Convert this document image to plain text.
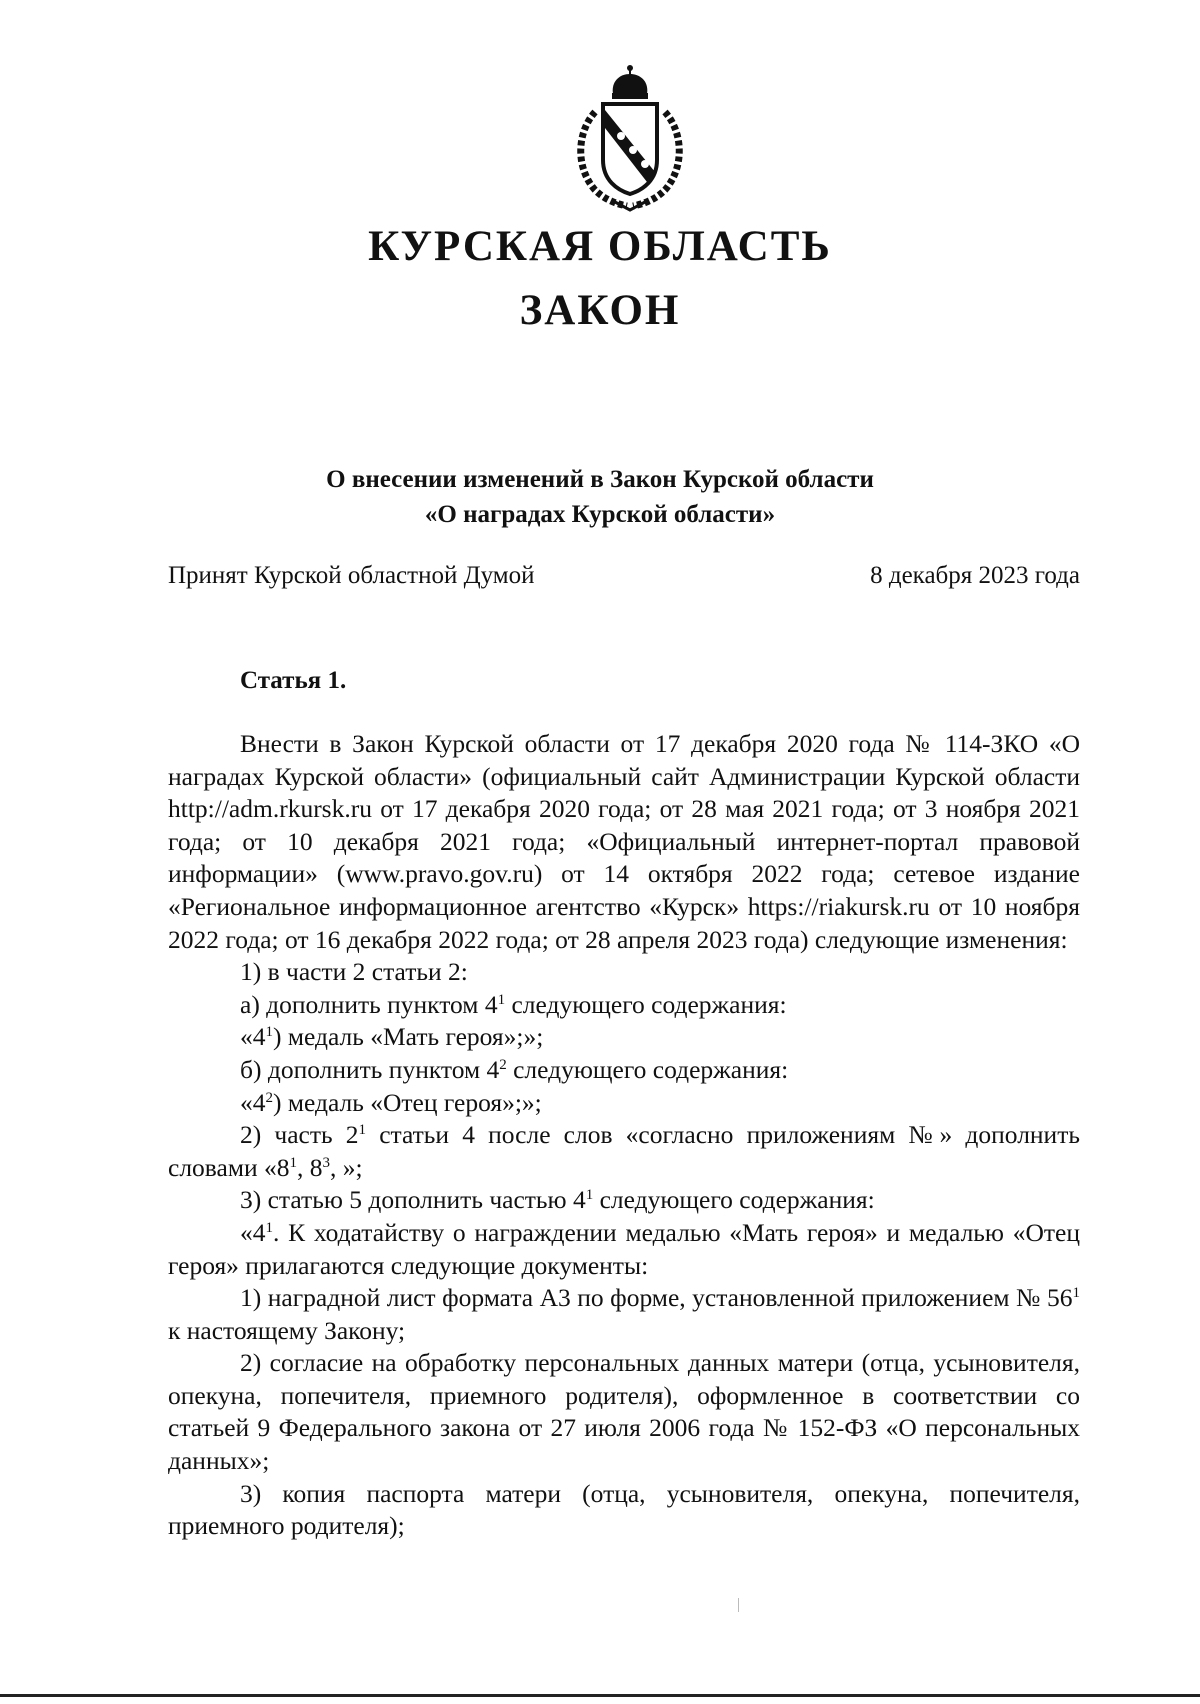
КУРСКАЯ ОБЛАСТЬ
ЗАКОН
О внесении изменений в Закон Курской области
«О наградах Курской области»
Принят Курской областной Думой	8 декабря 2023 года
Статья 1.

Внести в Закон Курской области от 17 декабря 2020 года № 114-ЗКО «О наградах Курской области» (официальный сайт Администрации Курской области http://adm.rkursk.ru от 17 декабря 2020 года; от 28 мая 2021 года; от 3 ноября 2021 года; от 10 декабря 2021 года; «Официальный интернет-портал правовой информации» (www.pravo.gov.ru) от 14 октября 2022 года; сетевое издание «Региональное информационное агентство «Курск» https://riakursk.ru от 10 ноября 2022 года; от 16 декабря 2022 года; от 28 апреля 2023 года) следующие изменения:

1) в части 2 статьи 2:

а) дополнить пунктом $4^1$ следующего содержания:

«$4^1$) медаль «Мать героя»;»;

б) дополнить пунктом $4^2$ следующего содержания:

«$4^2$) медаль «Отец героя»;»;

2) часть $2^1$ статьи 4 после слов «согласно приложениям №» дополнить словами «$8^1$, $8^3$, »;

3) статью 5 дополнить частью $4^1$ следующего содержания:

«$4^1$. К ходатайству о награждении медалью «Мать героя» и медалью «Отец героя» прилагаются следующие документы:

1) наградной лист формата А3 по форме, установленной приложением № $56^1$ к настоящему Закону;

2) согласие на обработку персональных данных матери (отца, усыновителя, опекуна, попечителя, приемного родителя), оформленное в соответствии со статьей 9 Федерального закона от 27 июля 2006 года № 152-ФЗ «О персональных данных»;

3) копия паспорта матери (отца, усыновителя, опекуна, попечителя, приемного родителя);
